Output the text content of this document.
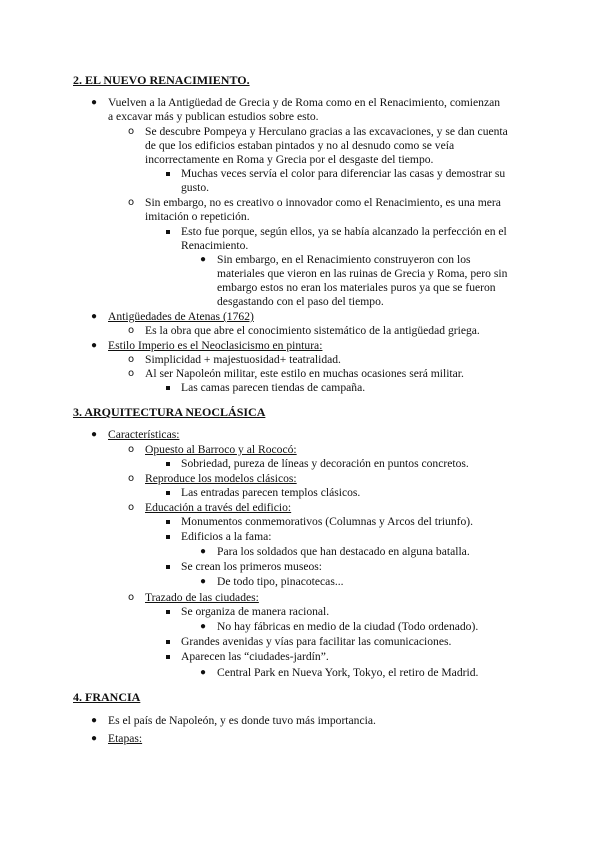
2. EL NUEVO RENACIMIENTO.
● Vuelven a la Antigüedad de Grecia y de Roma como en el Renacimiento, comienzan
a excavar más y publican estudios sobre esto.
o Se descubre Pompeya y Herculano gracias a las excavaciones, y se dan cuenta
de que los edificios estaban pintados y no al desnudo como se veía
incorrectamente en Roma y Grecia por el desgaste del tiempo.
Muchas veces servía el color para diferenciar las casas y demostrar su
gusto.
o Sin embargo, no es creativo o innovador como el Renacimiento, es una mera
imitación o repetición.
Esto fue porque, según ellos, ya se había alcanzado la perfección en el
Renacimiento.
● Sin embargo, en el Renacimiento construyeron con los
materiales que vieron en las ruinas de Grecia y Roma, pero sin
embargo estos no eran los materiales puros ya que se fueron
desgastando con el paso del tiempo.
● Antigüedades de Atenas (1762)
o Es la obra que abre el conocimiento sistemático de la antigüedad griega.
● Estilo Imperio es el Neoclasicismo en pintura:
o Simplicidad + majestuosidad+ teatralidad.
o Al ser Napoleón militar, este estilo en muchas ocasiones será militar.
Las camas parecen tiendas de campaña.
3. ARQUITECTURA NEOCLÁSICA
● Características:
o Opuesto al Barroco y al Rococó:
Sobriedad, pureza de líneas y decoración en puntos concretos.
o Reproduce los modelos clásicos:
Las entradas parecen templos clásicos.
o Educación a través del edificio:
Monumentos conmemorativos (Columnas y Arcos del triunfo).
Edificios a la fama:
● Para los soldados que han destacado en alguna batalla.
Se crean los primeros museos:
● De todo tipo, pinacotecas...
o Trazado de las ciudades:
Se organiza de manera racional.
● No hay fábricas en medio de la ciudad (Todo ordenado).
Grandes avenidas y vías para facilitar las comunicaciones.
Aparecen las “ciudades-jardín”.
● Central Park en Nueva York, Tokyo, el retiro de Madrid.
4. FRANCIA
● Es el país de Napoleón, y es donde tuvo más importancia.
● Etapas:
